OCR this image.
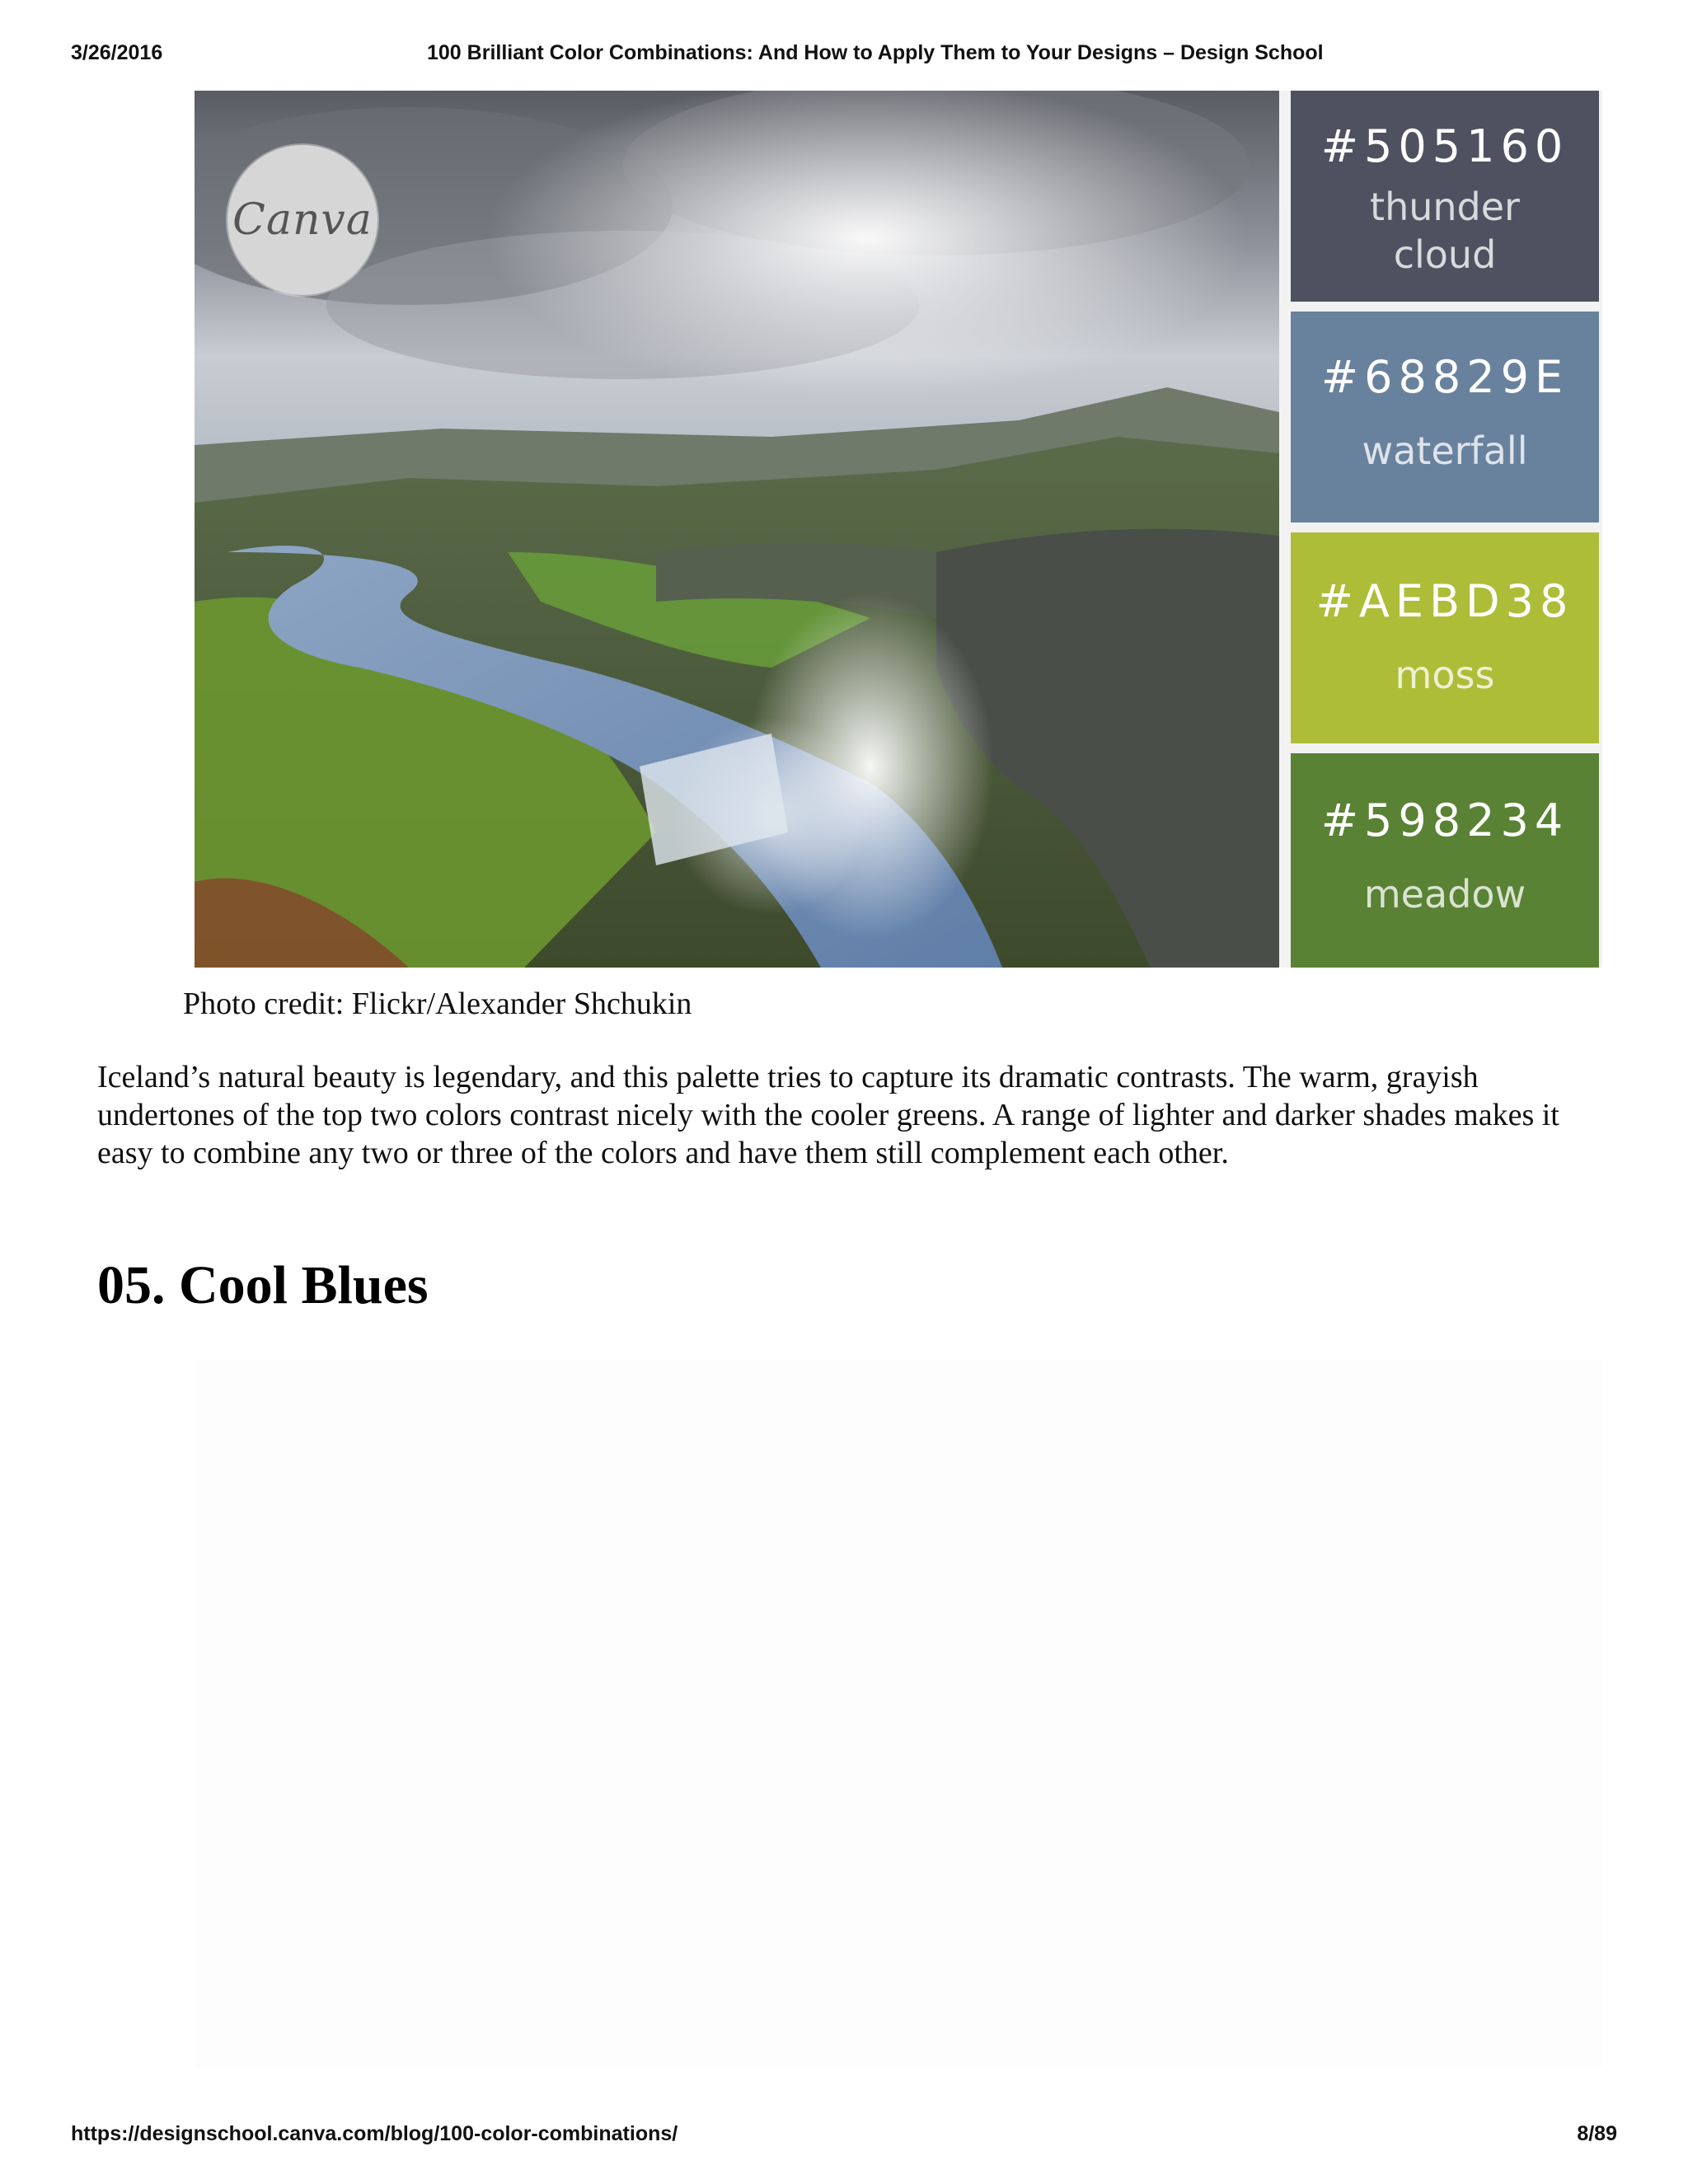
3/26/2016	100 Brilliant Color Combinations: And How to Apply Them to Your Designs – Design School
Canva
#505160
thunder
cloud
#68829E
waterfall
#AEBD38
moss
#598234
meadow
Photo credit: Flickr/Alexander Shchukin

Iceland’s natural beauty is legendary, and this palette tries to capture its dramatic contrasts. The warm, grayish undertones of the top two colors contrast nicely with the cooler greens. A range of lighter and darker shades makes it easy to combine any two or three of the colors and have them still complement each other.

05. Cool Blues
https://designschool.canva.com/blog/100-color-combinations/	8/89
